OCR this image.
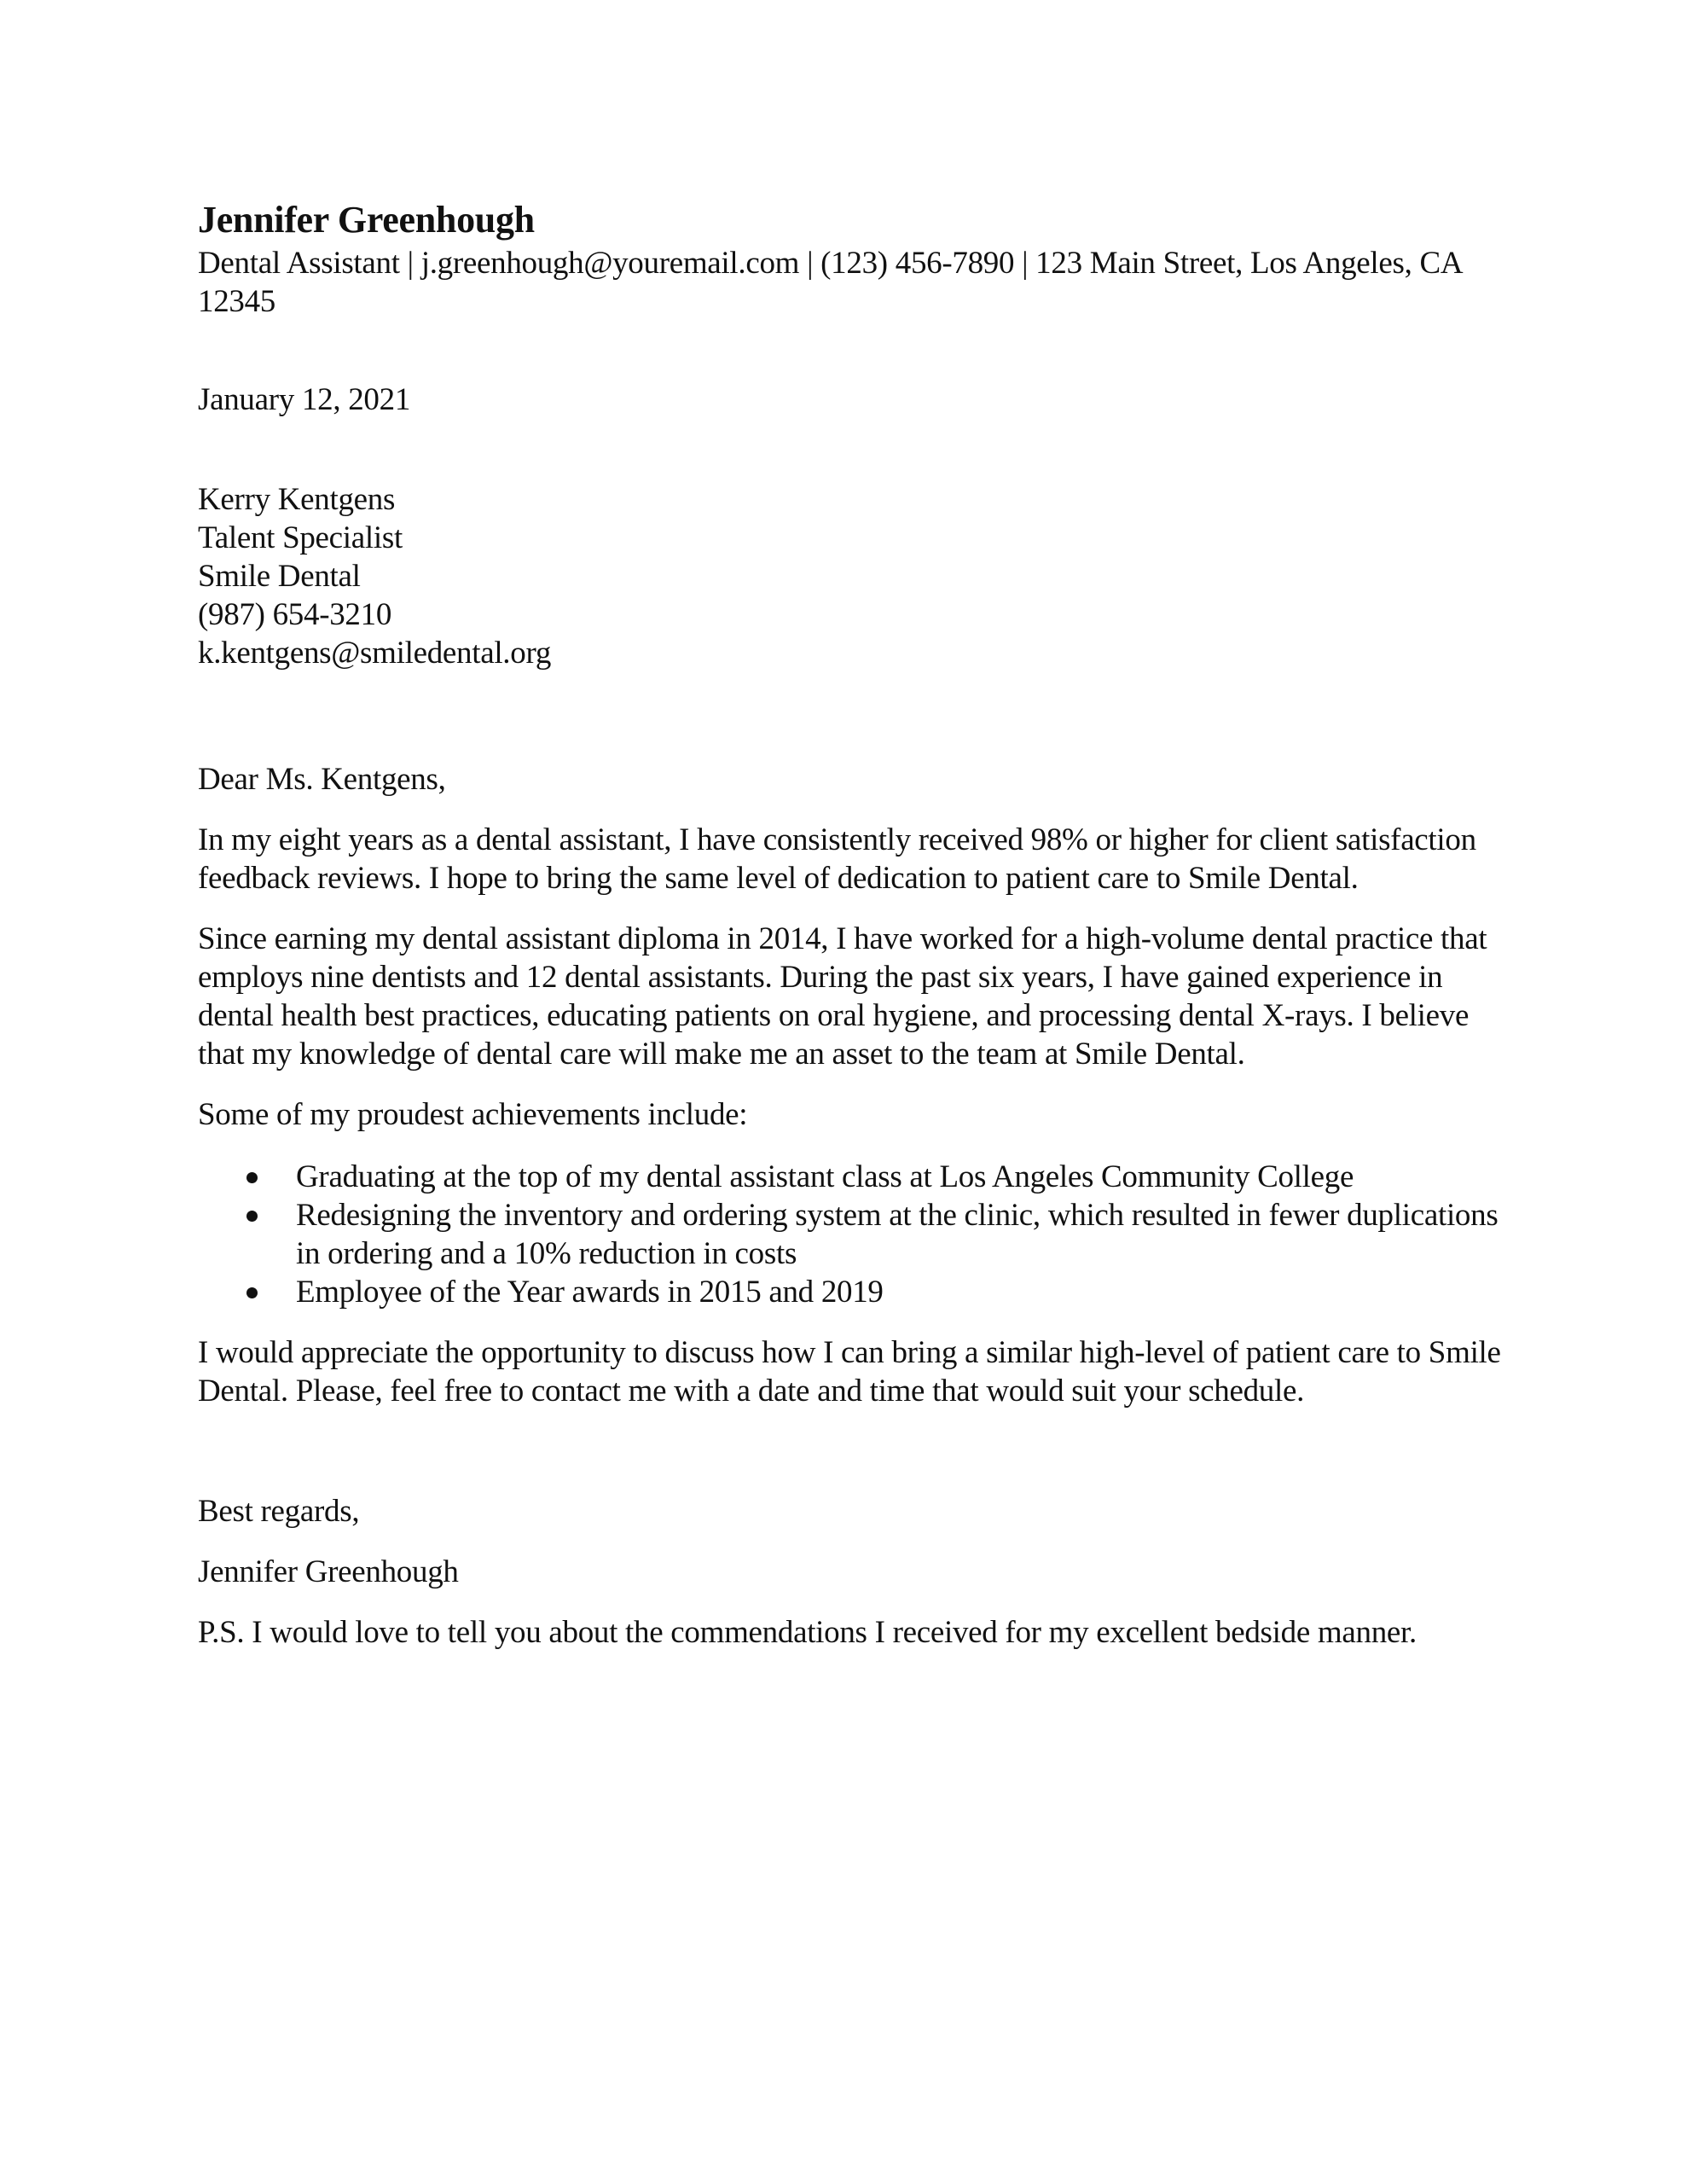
Jennifer Greenhough

Dental Assistant | j.greenhough@youremail.com | (123) 456-7890 | 123 Main Street, Los Angeles, CA 12345

January 12, 2021

Kerry Kentgens
Talent Specialist
Smile Dental
(987) 654-3210
k.kentgens@smiledental.org

Dear Ms. Kentgens,

In my eight years as a dental assistant, I have consistently received 98% or higher for client satisfaction feedback reviews. I hope to bring the same level of dedication to patient care to Smile Dental.

Since earning my dental assistant diploma in 2014, I have worked for a high-volume dental practice that employs nine dentists and 12 dental assistants. During the past six years, I have gained experience in dental health best practices, educating patients on oral hygiene, and processing dental X-rays. I believe that my knowledge of dental care will make me an asset to the team at Smile Dental.

Some of my proudest achievements include:

Graduating at the top of my dental assistant class at Los Angeles Community College
Redesigning the inventory and ordering system at the clinic, which resulted in fewer duplications in ordering and a 10% reduction in costs
Employee of the Year awards in 2015 and 2019

I would appreciate the opportunity to discuss how I can bring a similar high-level of patient care to Smile Dental. Please, feel free to contact me with a date and time that would suit your schedule.

Best regards,

Jennifer Greenhough

P.S. I would love to tell you about the commendations I received for my excellent bedside manner.
